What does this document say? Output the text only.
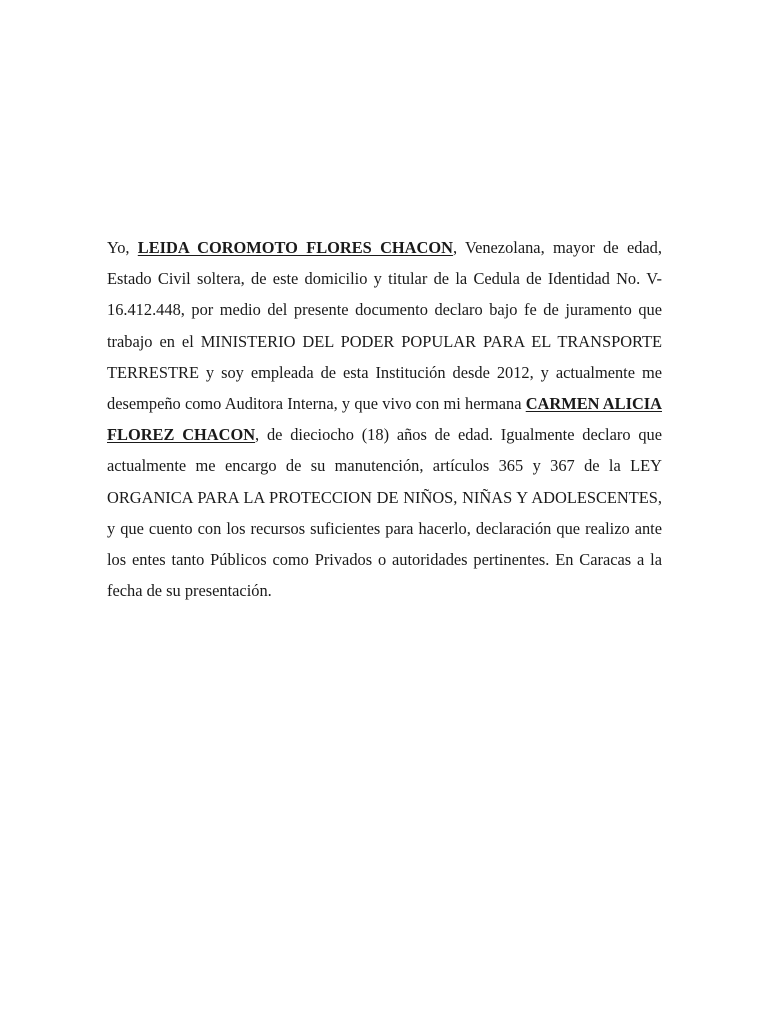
Yo, LEIDA COROMOTO FLORES CHACON, Venezolana, mayor de edad, Estado Civil soltera, de este domicilio y titular de la Cedula de Identidad No. V-16.412.448, por medio del presente documento declaro bajo fe de juramento que trabajo en el MINISTERIO DEL PODER POPULAR PARA EL TRANSPORTE TERRESTRE y soy empleada de esta Institución desde 2012, y actualmente me desempeño como Auditora Interna, y que vivo con mi hermana CARMEN ALICIA FLOREZ CHACON, de dieciocho (18) años de edad. Igualmente declaro que actualmente me encargo de su manutención, artículos 365 y 367 de la LEY ORGANICA PARA LA PROTECCION DE NIÑOS, NIÑAS Y ADOLESCENTES, y que cuento con los recursos suficientes para hacerlo, declaración que realizo ante los entes tanto Públicos como Privados o autoridades pertinentes. En Caracas a la fecha de su presentación.
